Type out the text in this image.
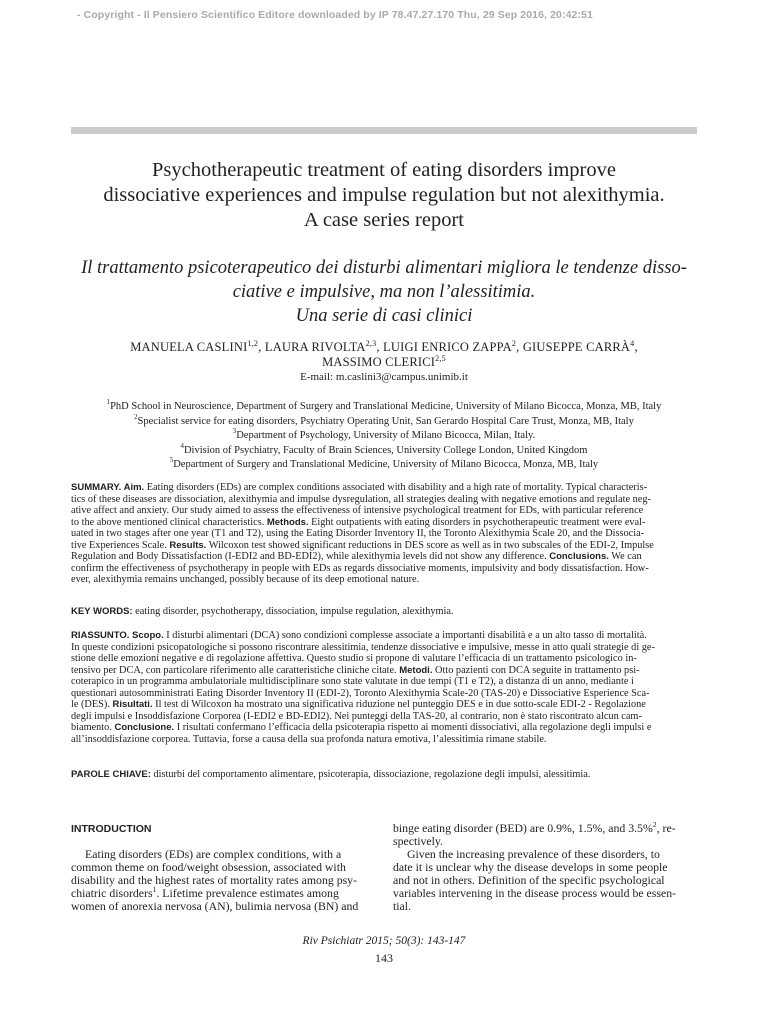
- Copyright - Il Pensiero Scientifico Editore downloaded by IP 78.47.27.170 Thu, 29 Sep 2016, 20:42:51
Psychotherapeutic treatment of eating disorders improve
dissociative experiences and impulse regulation but not alexithymia.
A case series report
Il trattamento psicoterapeutico dei disturbi alimentari migliora le tendenze disso-
ciative e impulsive, ma non l’alessitimia.
Una serie di casi clinici
MANUELA CASLINI$^{1,2}$, LAURA RIVOLTA$^{2,3}$, LUIGI ENRICO ZAPPA$^2$, GIUSEPPE CARRÀ$^4$,
MASSIMO CLERICI$^{2,5}$
E-mail: m.caslini3@campus.unimib.it
$^1$PhD School in Neuroscience, Department of Surgery and Translational Medicine, University of Milano Bicocca, Monza, MB, Italy
$^2$Specialist service for eating disorders, Psychiatry Operating Unit, San Gerardo Hospital Care Trust, Monza, MB, Italy
$^3$Department of Psychology, University of Milano Bicocca, Milan, Italy.
$^4$Division of Psychiatry, Faculty of Brain Sciences, University College London, United Kingdom
$^5$Department of Surgery and Translational Medicine, University of Milano Bicocca, Monza, MB, Italy
SUMMARY. Aim. Eating disorders (EDs) are complex conditions associated with disability and a high rate of mortality. Typical characteris-
tics of these diseases are dissociation, alexithymia and impulse dysregulation, all strategies dealing with negative emotions and regulate neg-
ative affect and anxiety. Our study aimed to assess the effectiveness of intensive psychological treatment for EDs, with particular reference
to the above mentioned clinical characteristics. Methods. Eight outpatients with eating disorders in psychotherapeutic treatment were eval-
uated in two stages after one year (T1 and T2), using the Eating Disorder Inventory II, the Toronto Alexithymia Scale 20, and the Dissocia-
tive Experiences Scale. Results. Wilcoxon test showed significant reductions in DES score as well as in two subscales of the EDI-2, Impulse
Regulation and Body Dissatisfaction (I-EDI2 and BD-EDI2), while alexithymia levels did not show any difference. Conclusions. We can
confirm the effectiveness of psychotherapy in people with EDs as regards dissociative moments, impulsivity and body dissatisfaction. How-
ever, alexithymia remains unchanged, possibly because of its deep emotional nature.
KEY WORDS: eating disorder, psychotherapy, dissociation, impulse regulation, alexithymia.
RIASSUNTO. Scopo. I disturbi alimentari (DCA) sono condizioni complesse associate a importanti disabilità e a un alto tasso di mortalità.
In queste condizioni psicopatologiche si possono riscontrare alessitimia, tendenze dissociative e impulsive, messe in atto quali strategie di ge-
stione delle emozioni negative e di regolazione affettiva. Questo studio si propone di valutare l’efficacia di un trattamento psicologico in-
tensivo per DCA, con particolare riferimento alle caratteristiche cliniche citate. Metodi. Otto pazienti con DCA seguite in trattamento psi-
coterapico in un programma ambulatoriale multidisciplinare sono state valutate in due tempi (T1 e T2), a distanza di un anno, mediante i
questionari autosomministrati Eating Disorder Inventory II (EDI-2), Toronto Alexithymia Scale-20 (TAS-20) e Dissociative Esperience Sca-
le (DES). Risultati. Il test di Wilcoxon ha mostrato una significativa riduzione nel punteggio DES e in due sotto-scale EDI-2 - Regolazione
degli impulsi e Insoddisfazione Corporea (I-EDI2 e BD-EDI2). Nei punteggi della TAS-20, al contrario, non è stato riscontrato alcun cam-
biamento. Conclusione. I risultati confermano l’efficacia della psicoterapia rispetto ai momenti dissociativi, alla regolazione degli impulsi e
all’insoddisfazione corporea. Tuttavia, forse a causa della sua profonda natura emotiva, l’alessitimia rimane stabile.
PAROLE CHIAVE: disturbi del comportamento alimentare, psicoterapia, dissociazione, regolazione degli impulsi, alessitimia.
INTRODUCTION
Eating disorders (EDs) are complex conditions, with a
common theme on food/weight obsession, associated with
disability and the highest rates of mortality rates among psy-
chiatric disorders$^1$. Lifetime prevalence estimates among
women of anorexia nervosa (AN), bulimia nervosa (BN) and
binge eating disorder (BED) are 0.9%, 1.5%, and 3.5%$^2$, re-
spectively.
Given the increasing prevalence of these disorders, to
date it is unclear why the disease develops in some people
and not in others. Definition of the specific psychological
variables intervening in the disease process would be essen-
tial.
Riv Psichiatr 2015; 50(3): 143-147
143
